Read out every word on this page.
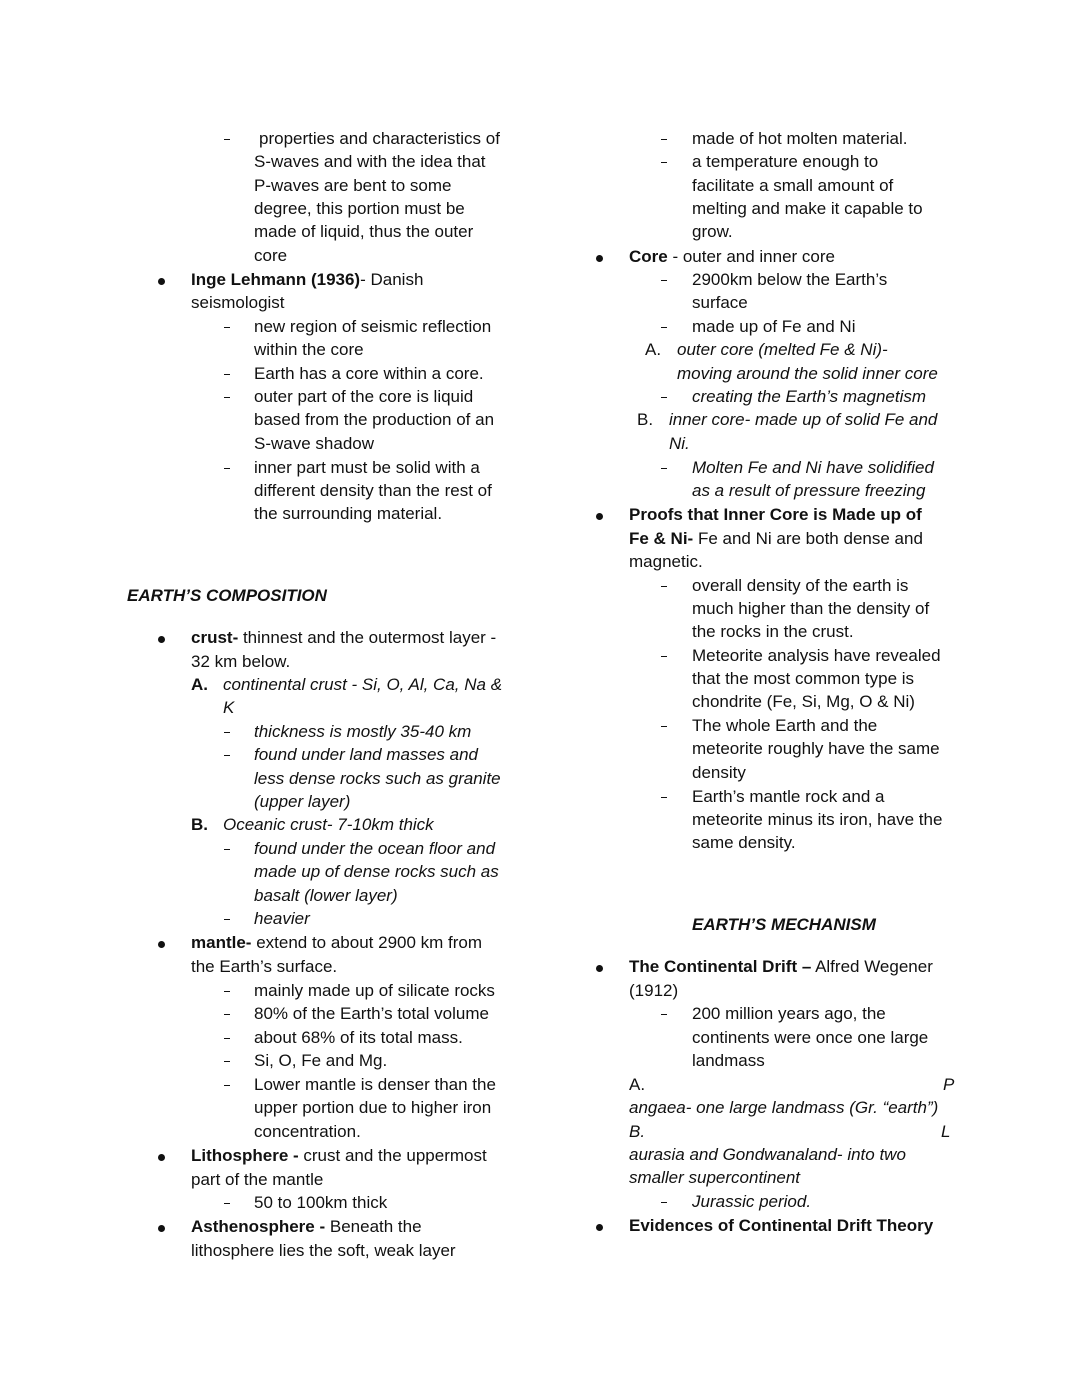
properties and characteristics of
S-waves and with the idea that
P-waves are bent to some
degree, this portion must be
made of liquid, thus the outer
core
Inge Lehmann (1936)- Danish
seismologist
new region of seismic reflection
within the core
Earth has a core within a core.
outer part of the core is liquid
based from the production of an
S-wave shadow
inner part must be solid with a
different density than the rest of
the surrounding material.
EARTH’S COMPOSITION
crust- thinnest and the outermost layer -
32 km below.
A. continental crust - Si, O, Al, Ca, Na &
K
thickness is mostly 35-40 km
found under land masses and
less dense rocks such as granite
(upper layer)
B. Oceanic crust- 7-10km thick
found under the ocean floor and
made up of dense rocks such as
basalt (lower layer)
heavier
mantle- extend to about 2900 km from
the Earth’s surface.
mainly made up of silicate rocks
80% of the Earth’s total volume
about 68% of its total mass.
Si, O, Fe and Mg.
Lower mantle is denser than the
upper portion due to higher iron
concentration.
Lithosphere - crust and the uppermost
part of the mantle
50 to 100km thick
Asthenosphere - Beneath the
lithosphere lies the soft, weak layer
made of hot molten material.
a temperature enough to
facilitate a small amount of
melting and make it capable to
grow.
Core - outer and inner core
2900km below the Earth’s
surface
made up of Fe and Ni
A. outer core (melted Fe & Ni)-
moving around the solid inner core
creating the Earth’s magnetism
B. inner core- made up of solid Fe and
Ni.
Molten Fe and Ni have solidified
as a result of pressure freezing
Proofs that Inner Core is Made up of
Fe & Ni- Fe and Ni are both dense and
magnetic.
overall density of the earth is
much higher than the density of
the rocks in the crust.
Meteorite analysis have revealed
that the most common type is
chondrite (Fe, Si, Mg, O & Ni)
The whole Earth and the
meteorite roughly have the same
density
Earth’s mantle rock and a
meteorite minus its iron, have the
same density.
EARTH’S MECHANISM
The Continental Drift – Alfred Wegener
(1912)
200 million years ago, the
continents were once one large
landmass
A.	P
angaea- one large landmass (Gr. “earth”)
B.	L
aurasia and Gondwanaland- into two
smaller supercontinent
Jurassic period.
Evidences of Continental Drift Theory
